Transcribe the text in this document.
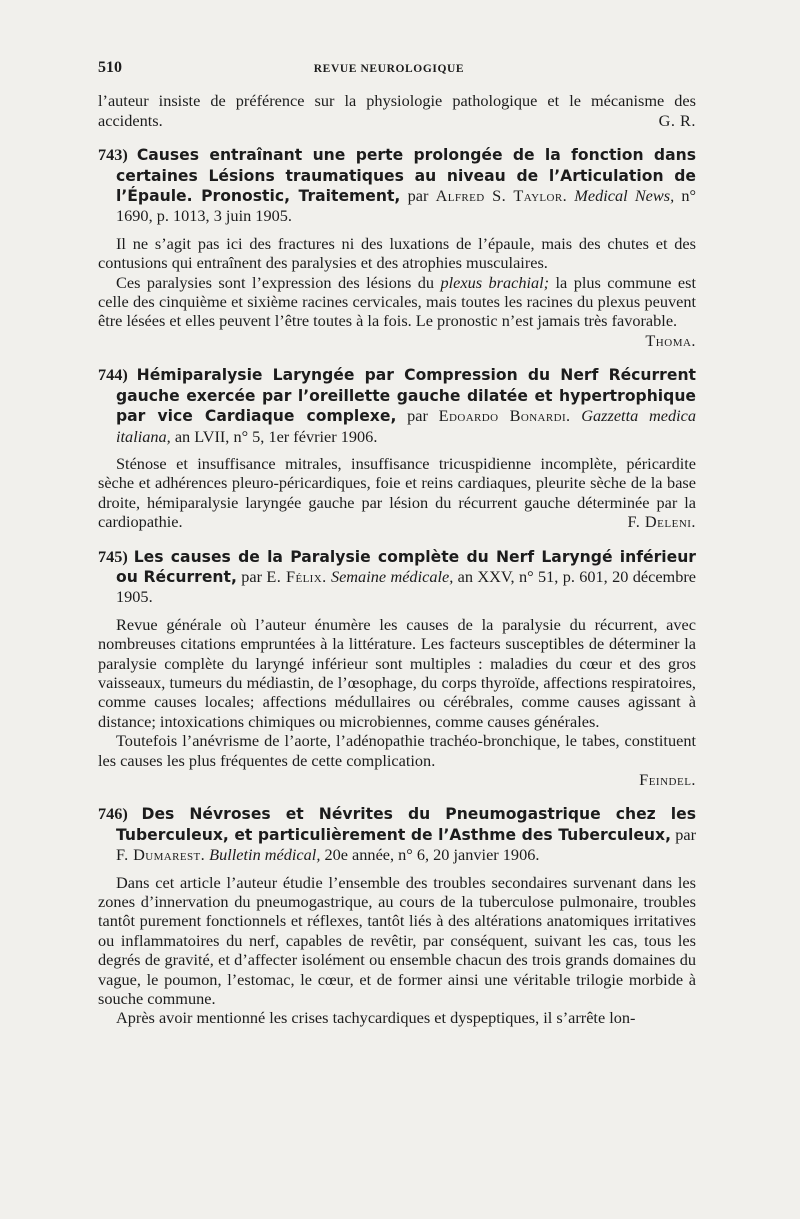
510	REVUE NEUROLOGIQUE

l’auteur insiste de préférence sur la physiologie pathologique et le mécanisme des accidents.	G. R.

743) Causes entraînant une perte prolongée de la fonction dans certaines Lésions traumatiques au niveau de l’Articulation de l’Épaule. Pronostic, Traitement, par Alfred S. Taylor. Medical News, n° 1690, p. 1013, 3 juin 1905.

Il ne s’agit pas ici des fractures ni des luxations de l’épaule, mais des chutes et des contusions qui entraînent des paralysies et des atrophies musculaires.

Ces paralysies sont l’expression des lésions du plexus brachial; la plus commune est celle des cinquième et sixième racines cervicales, mais toutes les racines du plexus peuvent être lésées et elles peuvent l’être toutes à la fois. Le pronostic n’est jamais très favorable.
Thoma.

744) Hémiparalysie Laryngée par Compression du Nerf Récurrent gauche exercée par l’oreillette gauche dilatée et hypertrophique par vice Cardiaque complexe, par Edoardo Bonardi. Gazzetta medica italiana, an LVII, n° 5, 1er février 1906.

Sténose et insuffisance mitrales, insuffisance tricuspidienne incomplète, péricardite sèche et adhérences pleuro-péricardiques, foie et reins cardiaques, pleurite sèche de la base droite, hémiparalysie laryngée gauche par lésion du récurrent gauche déterminée par la cardiopathie.	F. Deleni.

745) Les causes de la Paralysie complète du Nerf Laryngé inférieur ou Récurrent, par E. Félix. Semaine médicale, an XXV, n° 51, p. 601, 20 décembre 1905.

Revue générale où l’auteur énumère les causes de la paralysie du récurrent, avec nombreuses citations empruntées à la littérature. Les facteurs susceptibles de déterminer la paralysie complète du laryngé inférieur sont multiples : maladies du cœur et des gros vaisseaux, tumeurs du médiastin, de l’œsophage, du corps thyroïde, affections respiratoires, comme causes locales; affections médullaires ou cérébrales, comme causes agissant à distance; intoxications chimiques ou microbiennes, comme causes générales.

Toutefois l’anévrisme de l’aorte, l’adénopathie trachéo-bronchique, le tabes, constituent les causes les plus fréquentes de cette complication.

Feindel.

746) Des Névroses et Névrites du Pneumogastrique chez les Tuberculeux, et particulièrement de l’Asthme des Tuberculeux, par F. Dumarest. Bulletin médical, 20e année, n° 6, 20 janvier 1906.

Dans cet article l’auteur étudie l’ensemble des troubles secondaires survenant dans les zones d’innervation du pneumogastrique, au cours de la tuberculose pulmonaire, troubles tantôt purement fonctionnels et réflexes, tantôt liés à des altérations anatomiques irritatives ou inflammatoires du nerf, capables de revêtir, par conséquent, suivant les cas, tous les degrés de gravité, et d’affecter isolément ou ensemble chacun des trois grands domaines du vague, le poumon, l’estomac, le cœur, et de former ainsi une véritable trilogie morbide à souche commune.

Après avoir mentionné les crises tachycardiques et dyspeptiques, il s’arrête lon-
